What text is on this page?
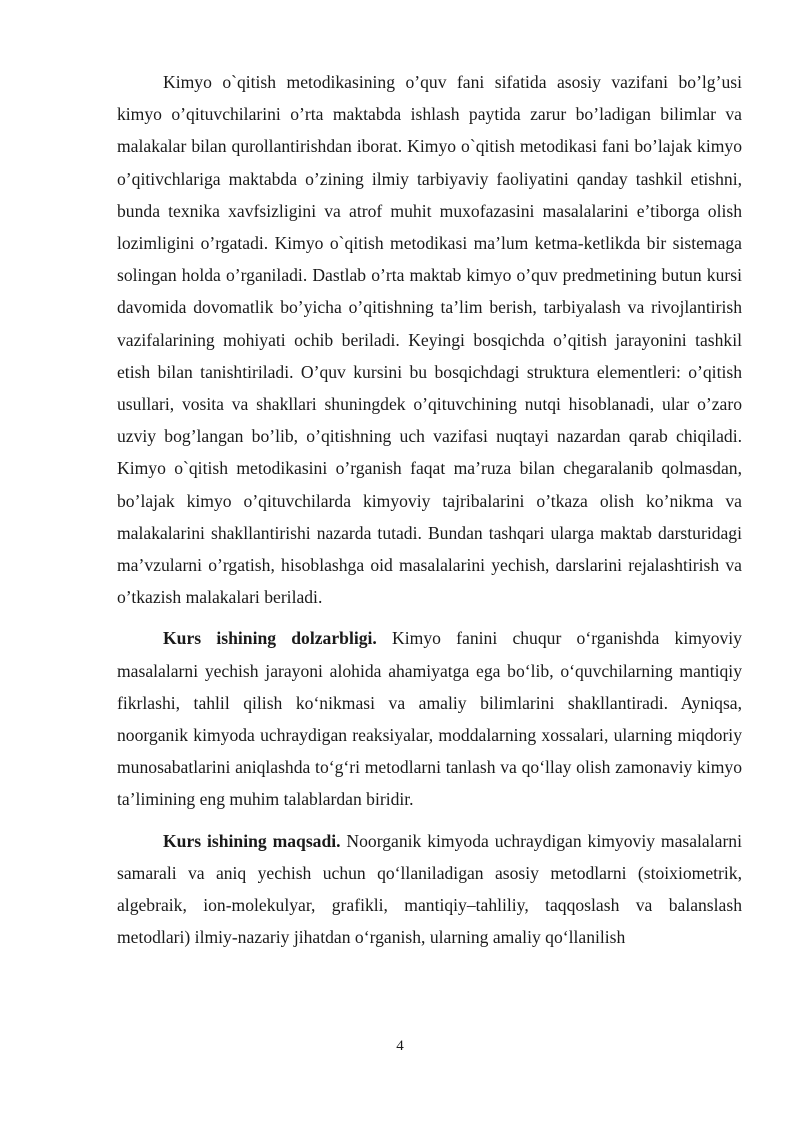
Kimyo o`qitish metodikasining o’quv fani sifatida asosiy vazifani bo’lg’usi kimyo o’qituvchilarini o’rta maktabda ishlash paytida zarur bo’ladigan bilimlar va malakalar bilan qurollantirishdan iborat. Kimyo o`qitish metodikasi fani bo’lajak kimyo o’qitivchlariga maktabda o’zining ilmiy tarbiyaviy faoliyatini qanday tashkil etishni, bunda texnika xavfsizligini va atrof muhit muxofazasini masalalarini e’tiborga olish lozimligini o’rgatadi. Kimyo o`qitish metodikasi ma’lum ketma-ketlikda bir sistemaga solingan holda o’rganiladi. Dastlab o’rta maktab kimyo o’quv predmetining butun kursi davomida dovomatlik bo’yicha o’qitishning ta’lim berish, tarbiyalash va rivojlantirish vazifalarining mohiyati ochib beriladi. Keyingi bosqichda o’qitish jarayonini tashkil etish bilan tanishtiriladi. O’quv kursini bu bosqichdagi struktura elementleri: o’qitish usullari, vosita va shakllari shuningdek o’qituvchining nutqi hisoblanadi, ular o’zaro uzviy bog’langan bo’lib, o’qitishning uch vazifasi nuqtayi nazardan qarab chiqiladi. Kimyo o`qitish metodikasini o’rganish faqat ma’ruza bilan chegaralanib qolmasdan, bo’lajak kimyo o’qituvchilarda kimyoviy tajribalarini o’tkaza olish ko’nikma va malakalarini shakllantirishi nazarda tutadi. Bundan tashqari ularga maktab darsturidagi ma’vzularni o’rgatish, hisoblashga oid masalalarini yechish, darslarini rejalashtirish va o’tkazish malakalari beriladi.

Kurs ishining dolzarbligi. Kimyo fanini chuqur o‘rganishda kimyoviy masalalarni yechish jarayoni alohida ahamiyatga ega bo‘lib, o‘quvchilarning mantiqiy fikrlashi, tahlil qilish ko‘nikmasi va amaliy bilimlarini shakllantiradi. Ayniqsa, noorganik kimyoda uchraydigan reaksiyalar, moddalarning xossalari, ularning miqdoriy munosabatlarini aniqlashda to‘g‘ri metodlarni tanlash va qo‘llay olish zamonaviy kimyo ta’limining eng muhim talablardan biridir.

Kurs ishining maqsadi. Noorganik kimyoda uchraydigan kimyoviy masalalarni samarali va aniq yechish uchun qo‘llaniladigan asosiy metodlarni (stoixiometrik, algebraik, ion-molekulyar, grafikli, mantiqiy–tahliliy, taqqoslash va balanslash metodlari) ilmiy-nazariy jihatdan o‘rganish, ularning amaliy qo‘llanilish

4
